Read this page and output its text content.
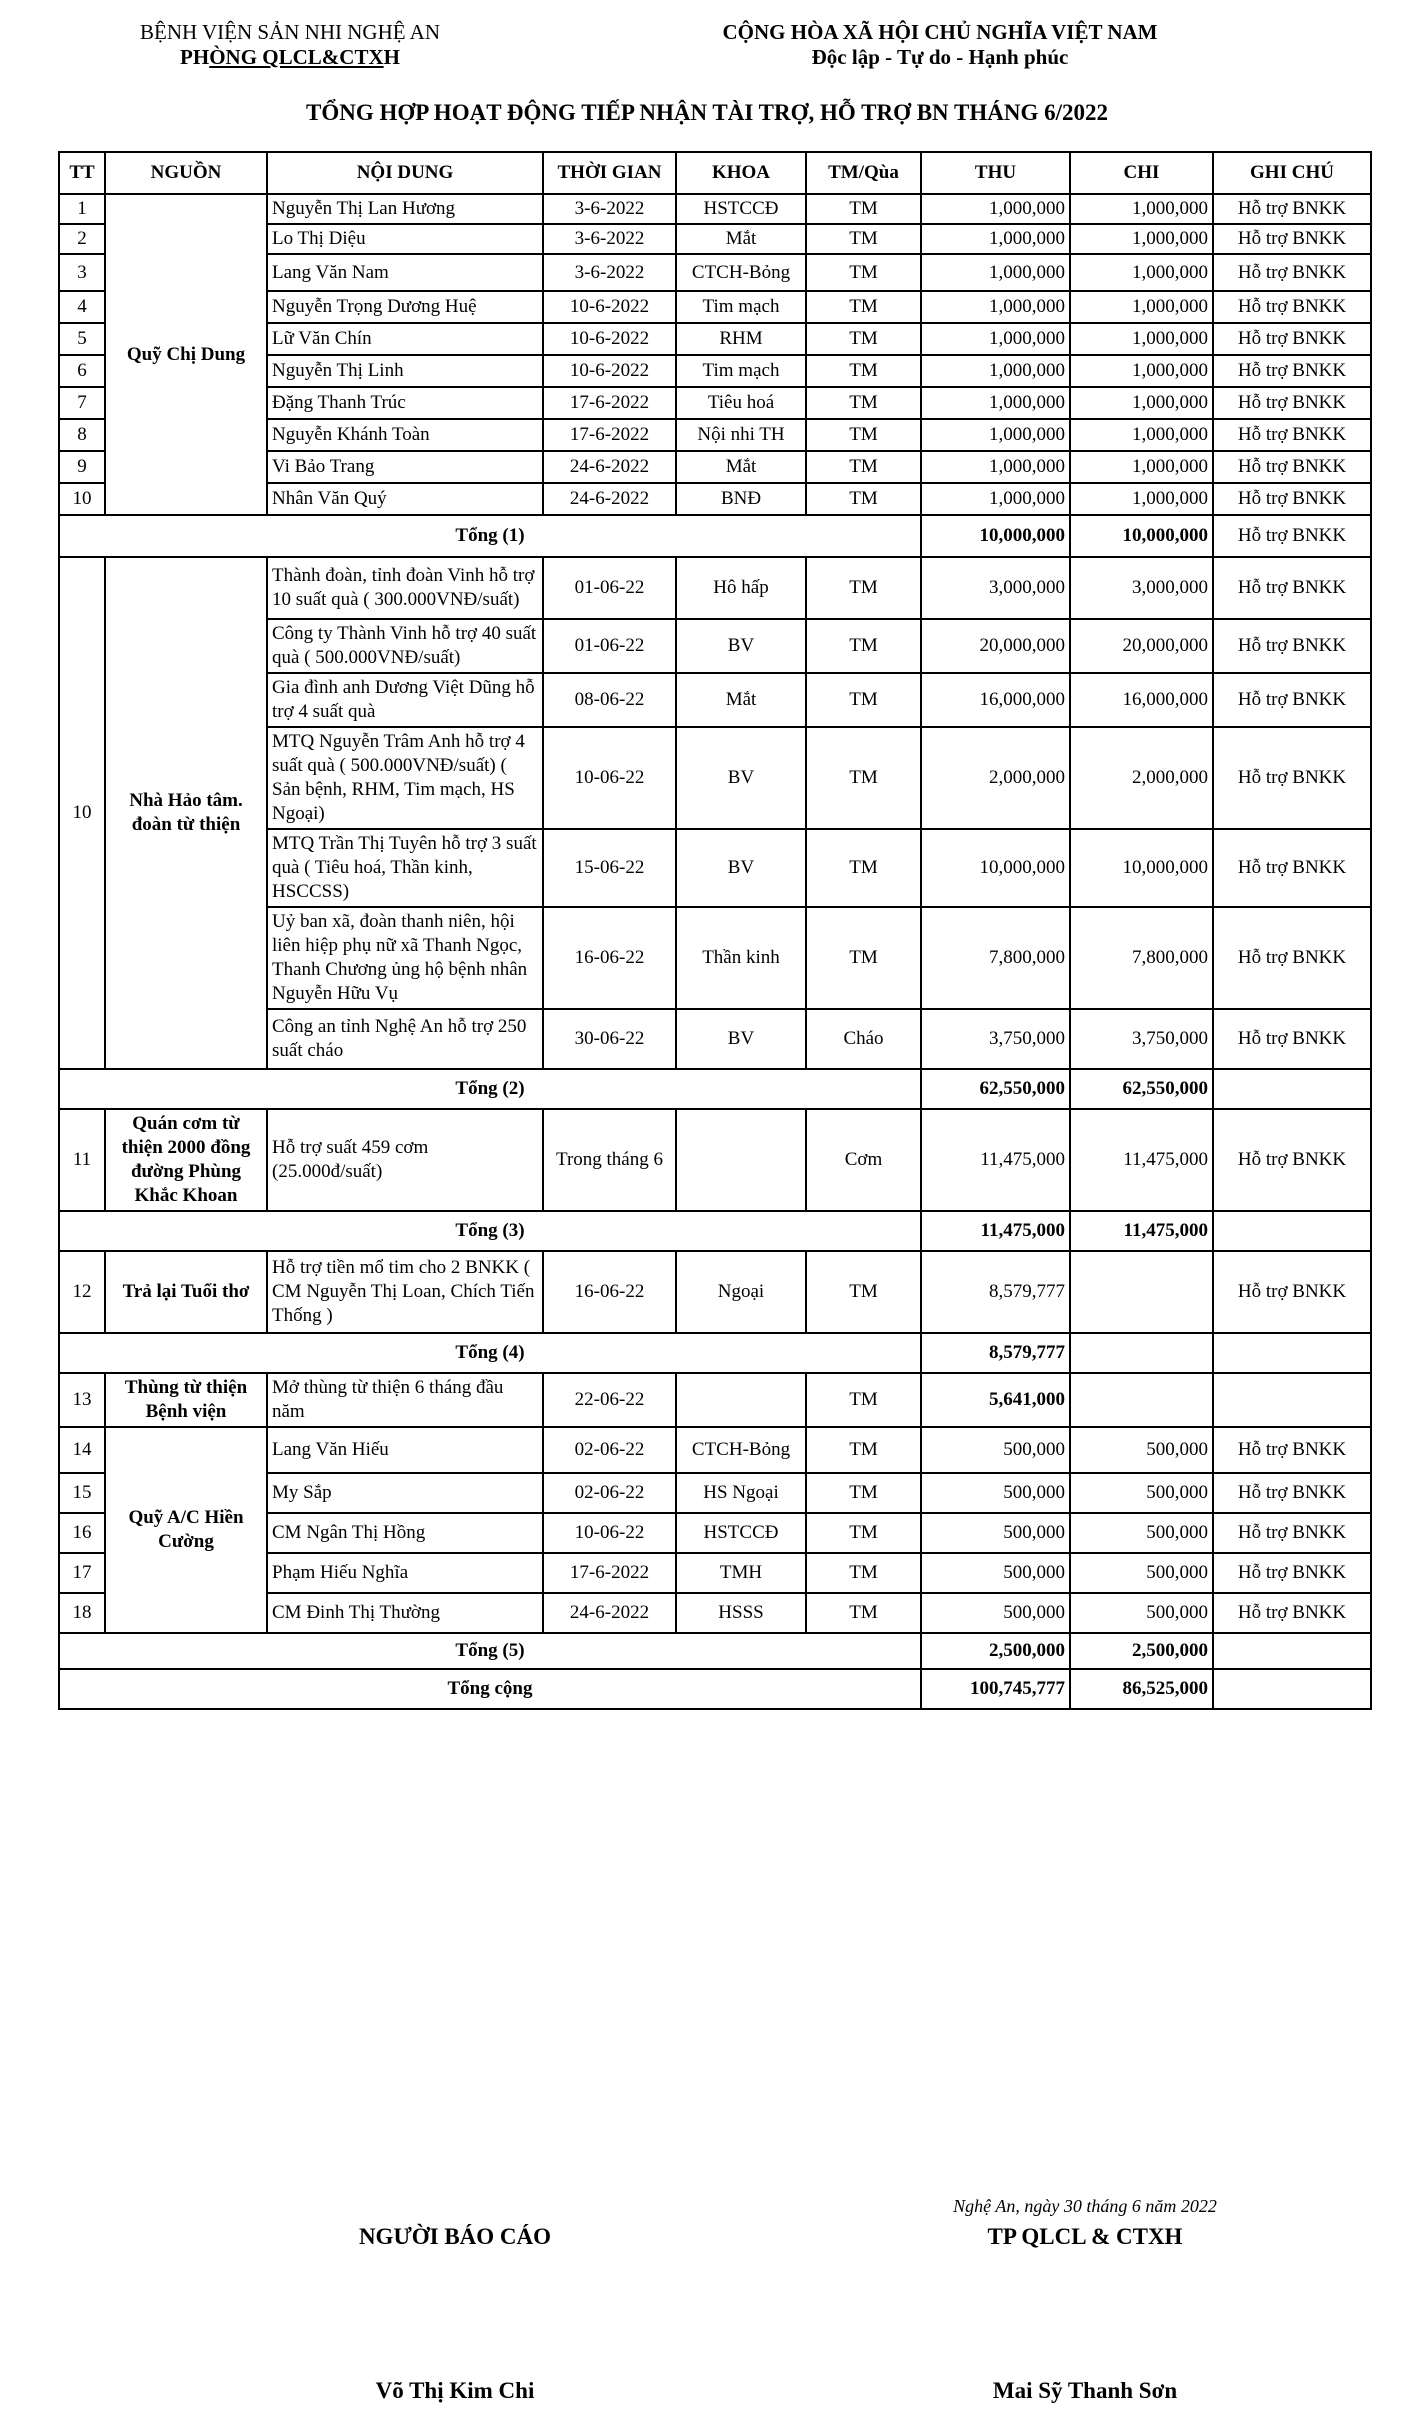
BỆNH VIỆN SẢN NHI NGHỆ AN
PHÒNG QLCL&CTXH
CỘNG HÒA XÃ HỘI CHỦ NGHĨA VIỆT NAM
Độc lập - Tự do - Hạnh phúc
TỔNG HỢP HOẠT ĐỘNG TIẾP NHẬN TÀI TRỢ, HỖ TRỢ BN THÁNG 6/2022
TT	NGUỒN	NỘI DUNG	THỜI GIAN	KHOA	TM/Qùa	THU	CHI	GHI CHÚ
1	Quỹ Chị Dung	Nguyễn Thị Lan Hương	3-6-2022	HSTCCĐ	TM	1,000,000	1,000,000	Hỗ trợ BNKK
2		Lo Thị Diệu	3-6-2022	Mắt	TM	1,000,000	1,000,000	Hỗ trợ BNKK
3		Lang Văn Nam	3-6-2022	CTCH-Bỏng	TM	1,000,000	1,000,000	Hỗ trợ BNKK
4		Nguyễn Trọng Dương Huệ	10-6-2022	Tim mạch	TM	1,000,000	1,000,000	Hỗ trợ BNKK
5		Lữ Văn Chín	10-6-2022	RHM	TM	1,000,000	1,000,000	Hỗ trợ BNKK
6		Nguyễn Thị Linh	10-6-2022	Tim mạch	TM	1,000,000	1,000,000	Hỗ trợ BNKK
7		Đặng Thanh Trúc	17-6-2022	Tiêu hoá	TM	1,000,000	1,000,000	Hỗ trợ BNKK
8		Nguyễn Khánh Toàn	17-6-2022	Nội nhi TH	TM	1,000,000	1,000,000	Hỗ trợ BNKK
9		Vi Bảo Trang	24-6-2022	Mắt	TM	1,000,000	1,000,000	Hỗ trợ BNKK
10		Nhân Văn Quý	24-6-2022	BNĐ	TM	1,000,000	1,000,000	Hỗ trợ BNKK
Tổng (1)						10,000,000	10,000,000	Hỗ trợ BNKK
10	Nhà Hảo tâm. đoàn từ thiện	Thành đoàn, tỉnh đoàn Vinh hỗ trợ 10 suất quà ( 300.000VNĐ/suất)	01-06-22	Hô hấp	TM	3,000,000	3,000,000	Hỗ trợ BNKK
		Công ty Thành Vinh hỗ trợ 40 suất quà ( 500.000VNĐ/suất)	01-06-22	BV	TM	20,000,000	20,000,000	Hỗ trợ BNKK
		Gia đình anh Dương Việt Dũng hỗ trợ 4 suất quà	08-06-22	Mắt	TM	16,000,000	16,000,000	Hỗ trợ BNKK
		MTQ Nguyễn Trâm Anh hỗ trợ 4 suất quà ( 500.000VNĐ/suất) ( Sản bệnh, RHM, Tim mạch, HS Ngoại)	10-06-22	BV	TM	2,000,000	2,000,000	Hỗ trợ BNKK
		MTQ Trần Thị Tuyên hỗ trợ 3 suất quà ( Tiêu hoá, Thần kinh, HSCCSS)	15-06-22	BV	TM	10,000,000	10,000,000	Hỗ trợ BNKK
		Uỷ ban xã, đoàn thanh niên, hội liên hiệp phụ nữ xã Thanh Ngọc, Thanh Chương ủng hộ bệnh nhân Nguyễn Hữu Vụ	16-06-22	Thần kinh	TM	7,800,000	7,800,000	Hỗ trợ BNKK
		Công an tỉnh Nghệ An hỗ trợ 250 suất cháo	30-06-22	BV	Cháo	3,750,000	3,750,000	Hỗ trợ BNKK
Tổng (2)						62,550,000	62,550,000	
11	Quán cơm từ thiện 2000 đồng đường Phùng Khắc Khoan	Hỗ trợ suất 459 cơm (25.000đ/suất)	Trong tháng 6		Cơm	11,475,000	11,475,000	Hỗ trợ BNKK
Tổng (3)						11,475,000	11,475,000	
12	Trả lại Tuổi thơ	Hỗ trợ tiền mổ tim cho 2 BNKK ( CM Nguyễn Thị Loan, Chích Tiến Thống )	16-06-22	Ngoại	TM	8,579,777		Hỗ trợ BNKK
Tổng (4)						8,579,777		
13	Thùng từ thiện Bệnh viện	Mở thùng từ thiện 6 tháng đầu năm	22-06-22		TM	5,641,000		
14	Quỹ A/C Hiền Cường	Lang Văn Hiếu	02-06-22	CTCH-Bỏng	TM	500,000	500,000	Hỗ trợ BNKK
15		My Sắp	02-06-22	HS Ngoại	TM	500,000	500,000	Hỗ trợ BNKK
16		CM Ngân Thị Hồng	10-06-22	HSTCCĐ	TM	500,000	500,000	Hỗ trợ BNKK
17		Phạm Hiếu Nghĩa	17-6-2022	TMH	TM	500,000	500,000	Hỗ trợ BNKK
18		CM Đinh Thị Thường	24-6-2022	HSSS	TM	500,000	500,000	Hỗ trợ BNKK
Tổng (5)						2,500,000	2,500,000	
Tổng cộng						100,745,777	86,525,000	
Nghệ An, ngày 30 tháng 6 năm 2022
NGƯỜI BÁO CÁO	TP QLCL & CTXH
Võ Thị Kim Chi	Mai Sỹ Thanh Sơn
